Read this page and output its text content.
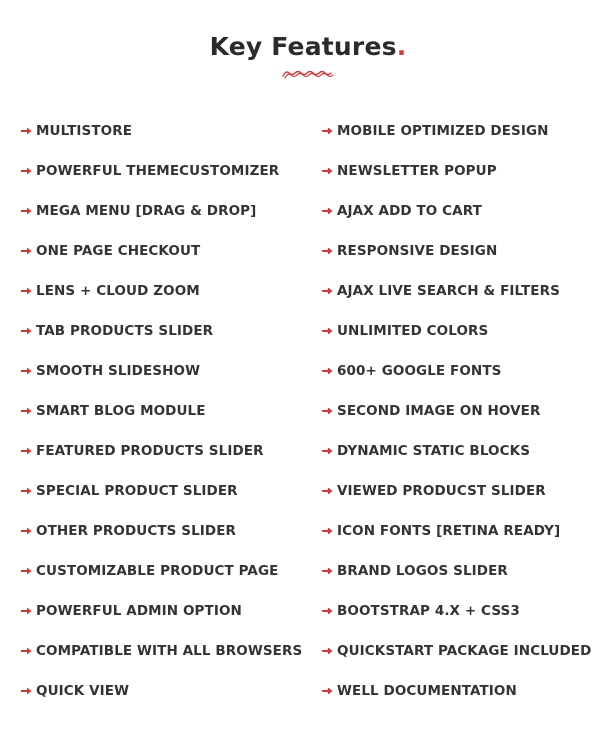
Key Features.
MULTISTORE
POWERFUL THEMECUSTOMIZER
MEGA MENU [DRAG & DROP]
ONE PAGE CHECKOUT
LENS + CLOUD ZOOM
TAB PRODUCTS SLIDER
SMOOTH SLIDESHOW
SMART BLOG MODULE
FEATURED PRODUCTS SLIDER
SPECIAL PRODUCT SLIDER
OTHER PRODUCTS SLIDER
CUSTOMIZABLE PRODUCT PAGE
POWERFUL ADMIN OPTION
COMPATIBLE WITH ALL BROWSERS
QUICK VIEW
MOBILE OPTIMIZED DESIGN
NEWSLETTER POPUP
AJAX ADD TO CART
RESPONSIVE DESIGN
AJAX LIVE SEARCH & FILTERS
UNLIMITED COLORS
600+ GOOGLE FONTS
SECOND IMAGE ON HOVER
DYNAMIC STATIC BLOCKS
VIEWED PRODUCST SLIDER
ICON FONTS [RETINA READY]
BRAND LOGOS SLIDER
BOOTSTRAP 4.X + CSS3
QUICKSTART PACKAGE INCLUDED
WELL DOCUMENTATION
